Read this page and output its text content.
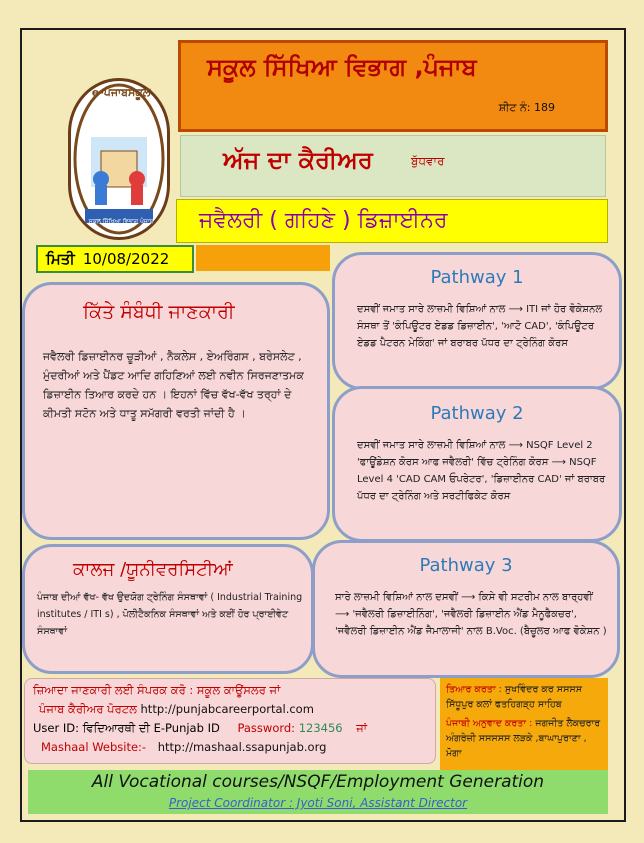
e-ਪੰਜਾਬਸਕੂਲ
ਸਕੂਲ ਸਿੱਖਿਆ ਵਿਭਾਗ ਪੰਜਾਬ
ਸਕੂਲ ਸਿੱਖਿਆ ਵਿਭਾਗ ,ਪੰਜਾਬ
ਸ਼ੀਟ ਨੰ: 189
ਅੱਜ ਦਾ ਕੈਰੀਅਰ	ਬੁੱਧਵਾਰ
ਜਵੈਲਰੀ ( ਗਹਿਣੇ ) ਡਿਜ਼ਾਈਨਰ
ਮਿਤੀ 10/08/2022
ਕਿੱਤੇ ਸੰਬੰਧੀ ਜਾਣਕਾਰੀ
ਜਵੈਲਰੀ ਡਿਜ਼ਾਈਨਰ ਚੂੜੀਆਂ , ਨੈਕਲੇਸ , ਏਅਰਿੰਗਸ , ਬਰੇਸਲੇਟ , ਮੁੰਦਰੀਆਂ ਅਤੇ ਪੈਂਡਟ ਆਦਿ ਗਹਿਣਿਆਂ ਲਈ ਨਵੀਨ ਸਿਰਜਣਾਤਮਕ ਡਿਜ਼ਾਈਨ ਤਿਆਰ ਕਰਦੇ ਹਨ । ਇਹਨਾਂ ਵਿੱਚ ਵੱਖ-ਵੱਖ ਤਰ੍ਹਾਂ ਦੇ ਕੀਮਤੀ ਸਟੋਨ ਅਤੇ ਧਾਤੂ ਸਮੱਗਰੀ ਵਰਤੀ ਜਾਂਦੀ ਹੈ ।
Pathway 1
ਦਸਵੀਂ ਜਮਾਤ ਸਾਰੇ ਲਾਜ਼ਮੀ ਵਿਸ਼ਿਆਂ ਨਾਲ ⟶ ITI ਜਾਂ ਹੋਰ ਵੋਕੇਸ਼ਨਲ ਸੰਸਥਾ ਤੋਂ 'ਕੰਪਿਊਟਰ ਏਡਡ ਡਿਜ਼ਾਈਨ', 'ਆਟੋ CAD', 'ਕੰਪਿਊਟਰ ਏਡਡ ਪੈਟਰਨ ਮੇਕਿੰਗ' ਜਾਂ ਬਰਾਬਰ ਪੱਧਰ ਦਾ ਟ੍ਰੇਨਿੰਗ ਕੋਰਸ
Pathway 2
ਦਸਵੀਂ ਜਮਾਤ ਸਾਰੇ ਲਾਜ਼ਮੀ ਵਿਸ਼ਿਆਂ ਨਾਲ ⟶ NSQF Level 2 'ਫਾਊਂਡੇਸ਼ਨ ਕੋਰਸ ਆਫ ਜਵੈਲਰੀ' ਵਿੱਚ ਟ੍ਰੇਨਿੰਗ ਕੋਰਸ ⟶ NSQF Level 4 'CAD CAM ਓਪਰੇਟਰ', 'ਡਿਜ਼ਾਈਨਰ CAD' ਜਾਂ ਬਰਾਬਰ ਪੱਧਰ ਦਾ ਟ੍ਰੇਨਿੰਗ ਅਤੇ ਸਰਟੀਫਿਕੇਟ ਕੋਰਸ
ਕਾਲਜ /ਯੂਨੀਵਰਸਿਟੀਆਂ
ਪੰਜਾਬ ਦੀਆਂ ਵੱਖ- ਵੱਖ ਉਦਯੋਗ ਟ੍ਰੇਨਿੰਗ ਸੰਸਥਾਵਾਂ ( Industrial Training institutes / ITI s) , ਪੋਲੀਟੈਕਨਿਕ ਸੰਸਥਾਵਾਂ ਅਤੇ ਕਈਂ ਹੋਰ ਪ੍ਰਾਈਵੇਟ ਸੰਸਥਾਵਾਂ
Pathway 3
ਸਾਰੇ ਲਾਜ਼ਮੀ ਵਿਸ਼ਿਆਂ ਨਾਲ ਦਸਵੀਂ ⟶ ਕਿਸੇ ਵੀ ਸਟਰੀਮ ਨਾਲ ਬਾਰ੍ਹਵੀਂ ⟶ 'ਜਵੈਲਰੀ ਡਿਜ਼ਾਈਨਿੰਗ', 'ਜਵੈਲਰੀ ਡਿਜ਼ਾਈਨ ਐਂਡ ਮੈਨੂਫੈਕਚਰ', 'ਜਵੈਲਰੀ ਡਿਜ਼ਾਈਨ ਐਂਡ ਜੈਮਾਲਾਜੀ' ਨਾਲ B.Voc. (ਬੈਚੂਲਰ ਆਫ ਵੋਕੇਸ਼ਨ )
ਜ਼ਿਆਦਾ ਜਾਣਕਾਰੀ ਲਈ ਸੰਪਰਕ ਕਰੋ : ਸਕੂਲ ਕਾਊਂਸਲਰ ਜਾਂ
ਪੰਜਾਬ ਕੈਰੀਅਰ ਪੋਰਟਲ http://punjabcareerportal.com
User ID: ਵਿਦਿਆਰਥੀ ਦੀ E-Punjab ID Password: 123456 ਜਾਂ
Mashaal Website:- http://mashaal.ssapunjab.org
ਤਿਆਰ ਕਰਤਾ : ਸੁਖਵਿੰਦਰ ਕਰ ਸਸਸਸ ਸਿੱਧੂਪੁਰ ਕਲਾਂ ਫਤਹਿਗੜ੍ਹ ਸਾਹਿਬ
ਪੰਜਾਬੀ ਅਨੁਵਾਦ ਕਰਤਾ : ਜਗਜੀਤ ਲੈਕਚਰਾਰ ਅੰਗਰੇਜ਼ੀ ਸਸਸਸਸ ਲੜਕੇ ,ਬਾਘਾਪੁਰਾਣਾ , ਮੋਗਾ
All Vocational courses/NSQF/Employment Generation
Project Coordinator : Jyoti Soni, Assistant Director
